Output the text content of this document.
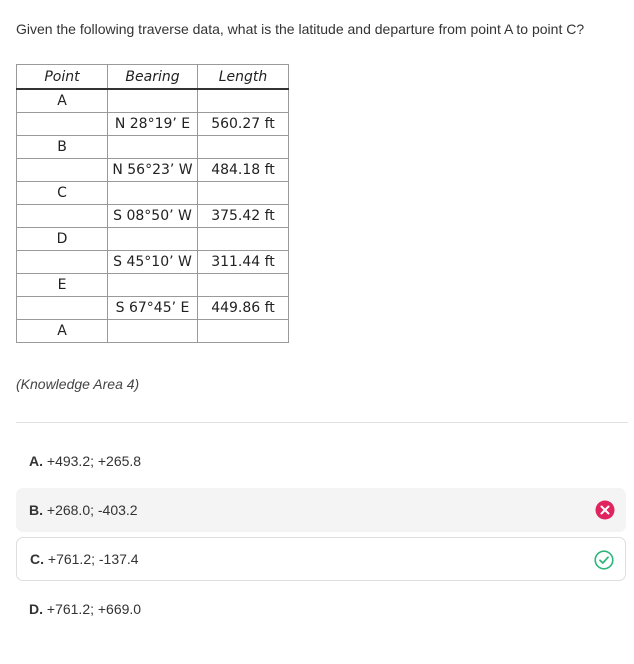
Given the following traverse data, what is the latitude and departure from point A to point C?
Point	Bearing	Length
A		
	N 28°19’ E	560.27 ft
B		
	N 56°23’ W	484.18 ft
C		
	S 08°50’ W	375.42 ft
D		
	S 45°10’ W	311.44 ft
E		
	S 67°45’ E	449.86 ft
A		
(Knowledge Area 4)
A. +493.2; +265.8
B. +268.0; -403.2
C. +761.2; -137.4
D. +761.2; +669.0
